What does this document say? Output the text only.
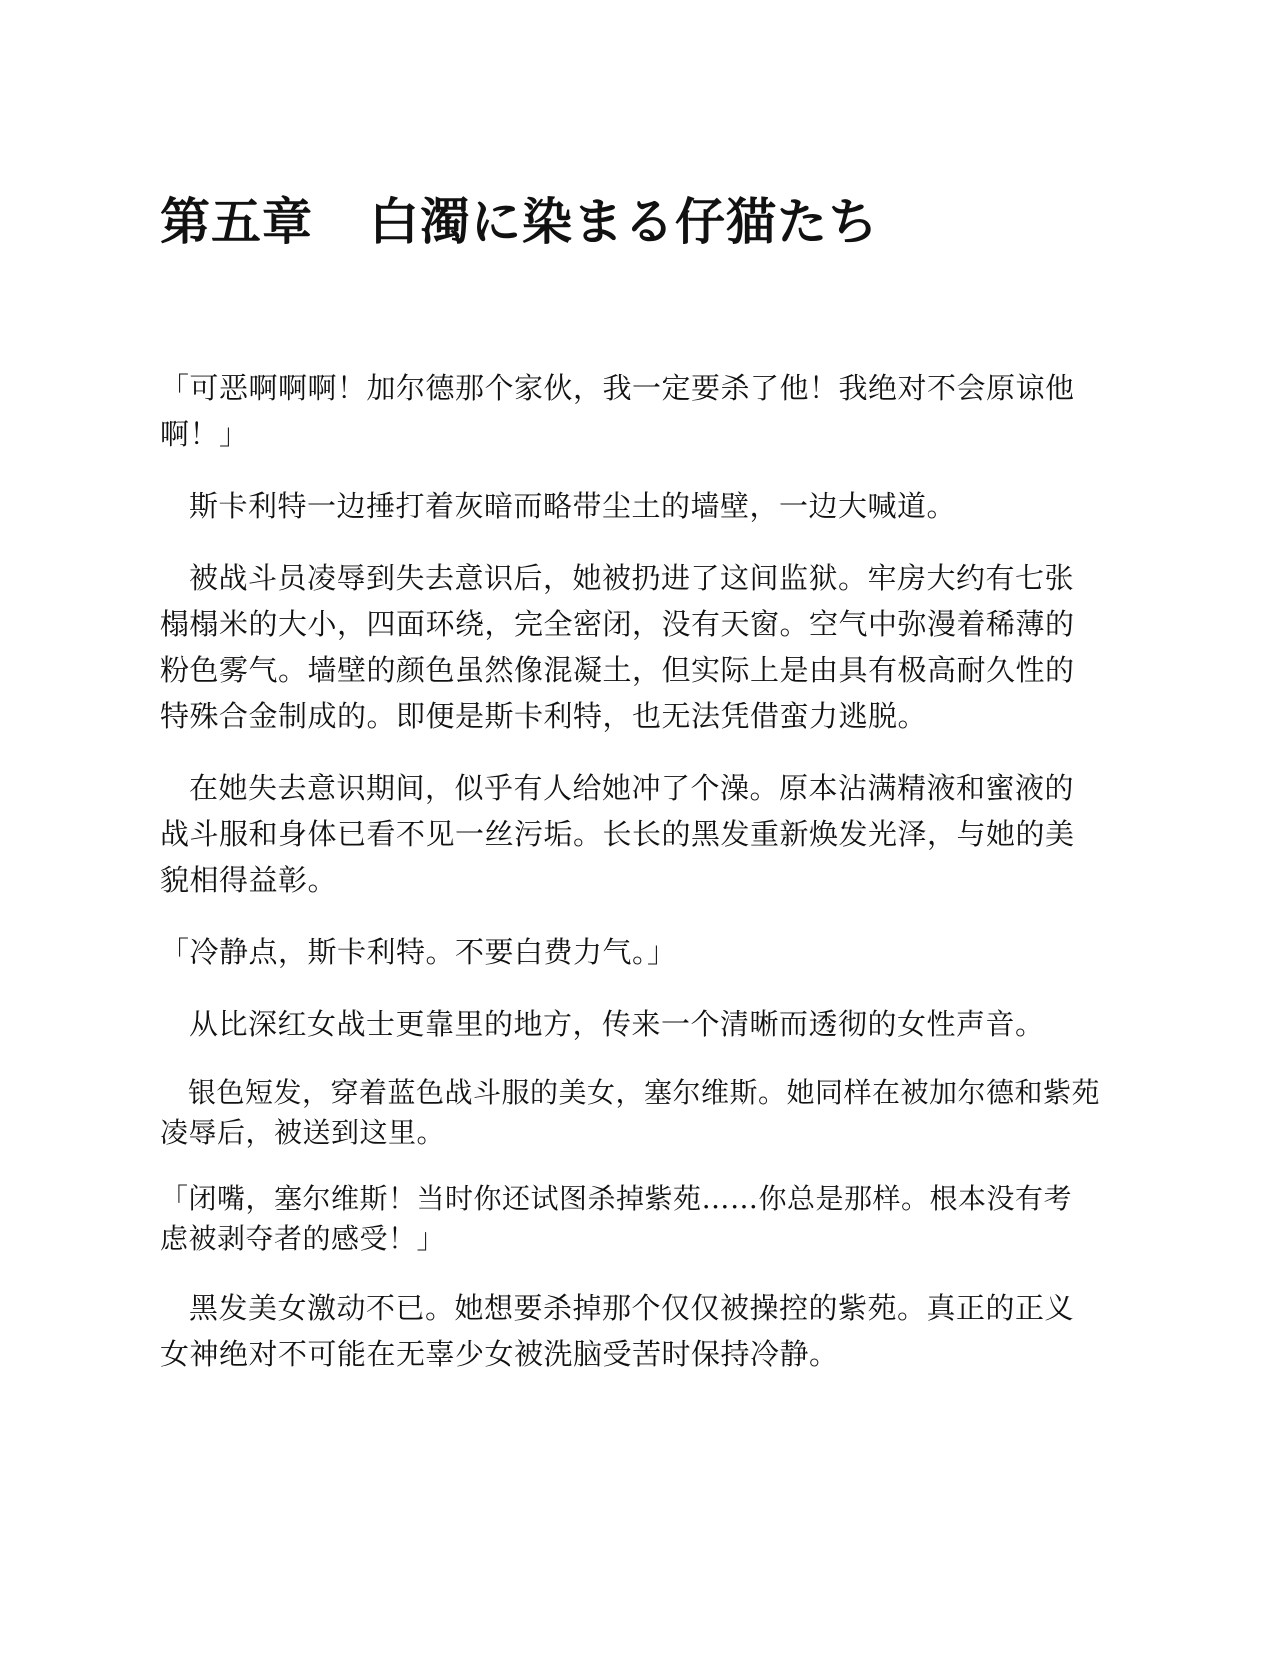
第五章 白濁に染まる仔猫たち

「可恶啊啊啊！加尔德那个家伙，我一定要杀了他！我绝对不会原谅他啊！」

斯卡利特一边捶打着灰暗而略带尘土的墙壁，一边大喊道。

被战斗员凌辱到失去意识后，她被扔进了这间监狱。牢房大约有七张榻榻米的大小，四面环绕，完全密闭，没有天窗。空气中弥漫着稀薄的粉色雾气。墙壁的颜色虽然像混凝土，但实际上是由具有极高耐久性的特殊合金制成的。即便是斯卡利特，也无法凭借蛮力逃脱。

在她失去意识期间，似乎有人给她冲了个澡。原本沾满精液和蜜液的战斗服和身体已看不见一丝污垢。长长的黑发重新焕发光泽，与她的美貌相得益彰。

「冷静点，斯卡利特。不要白费力气。」

从比深红女战士更靠里的地方，传来一个清晰而透彻的女性声音。

银色短发，穿着蓝色战斗服的美女，塞尔维斯。她同样在被加尔德和紫苑凌辱后，被送到这里。

「闭嘴，塞尔维斯！当时你还试图杀掉紫苑……你总是那样。根本没有考虑被剥夺者的感受！」

黑发美女激动不已。她想要杀掉那个仅仅被操控的紫苑。真正的正义女神绝对不可能在无辜少女被洗脑受苦时保持冷静。
